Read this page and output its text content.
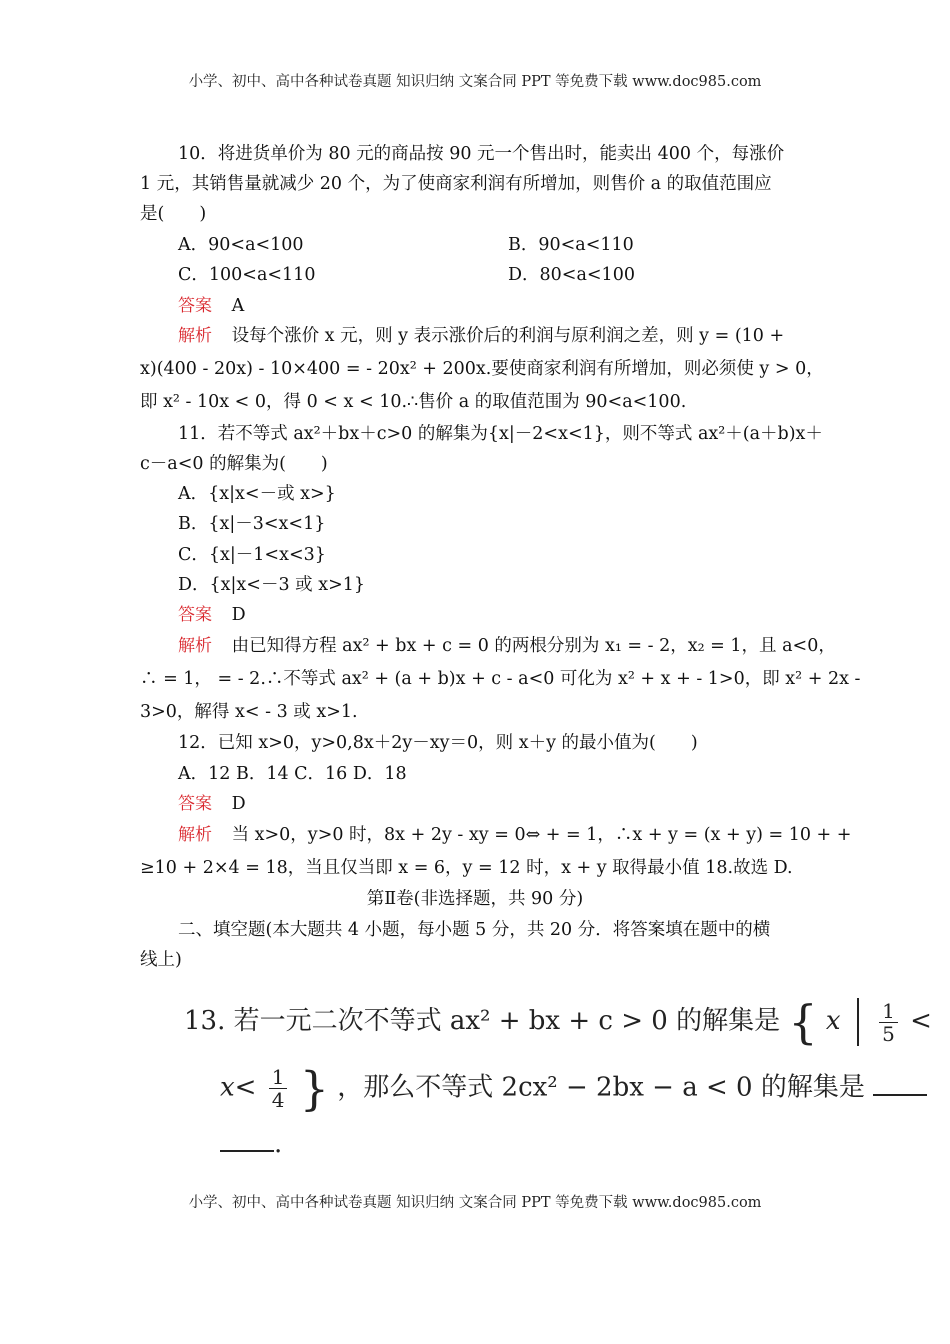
小学、初中、高中各种试卷真题 知识归纳 文案合同 PPT 等免费下载 www.doc985.com
10．将进货单价为 80 元的商品按 90 元一个售出时，能卖出 400 个，每涨价
1 元，其销售量就减少 20 个，为了使商家利润有所增加，则售价 a 的取值范围应
是(　　)
A．90<a<100	B．90<a<110
C．100<a<110	D．80<a<100
答案 A
解析 设每个涨价 x 元，则 y 表示涨价后的利润与原利润之差，则 y = (10 +
x)(400 - 20x) - 10×400 = - 20x² + 200x.要使商家利润有所增加，则必须使 y > 0，
即 x² - 10x < 0，得 0 < x < 10.∴售价 a 的取值范围为 90<a<100.
11．若不等式 ax²＋bx＋c>0 的解集为{x|－2<x<1}，则不等式 ax²＋(a＋b)x＋
c－a<0 的解集为(　　)
A．{x|x<－或 x>}
B．{x|－3<x<1}
C．{x|－1<x<3}
D．{x|x<－3 或 x>1}
答案 D
解析 由已知得方程 ax² + bx + c = 0 的两根分别为 x₁ = - 2，x₂ = 1，且 a<0，
∴ = 1， = - 2.∴不等式 ax² + (a + b)x + c - a<0 可化为 x² + x + - 1>0，即 x² + 2x -
3>0，解得 x< - 3 或 x>1.
12．已知 x>0，y>0,8x＋2y－xy＝0，则 x＋y 的最小值为(　　)
A．12 B．14 C．16 D．18
答案 D
解析 当 x>0，y>0 时，8x + 2y - xy = 0⇔ + = 1，∴x + y = (x + y) = 10 + +
≥10 + 2×4 = 18，当且仅当即 x = 6，y = 12 时，x + y 取得最小值 18.故选 D.
第Ⅱ卷(非选择题，共 90 分)
二、填空题(本大题共 4 小题，每小题 5 分，共 20 分．将答案填在题中的横
线上)
13. 若一元二次不等式 ax² + bx + c > 0 的解集是 { x $\frac{1}{5}$ <
$x< \frac{1}{4}$ } ，那么不等式 2cx² − 2bx − a < 0 的解集是
.
小学、初中、高中各种试卷真题 知识归纳 文案合同 PPT 等免费下载 www.doc985.com
